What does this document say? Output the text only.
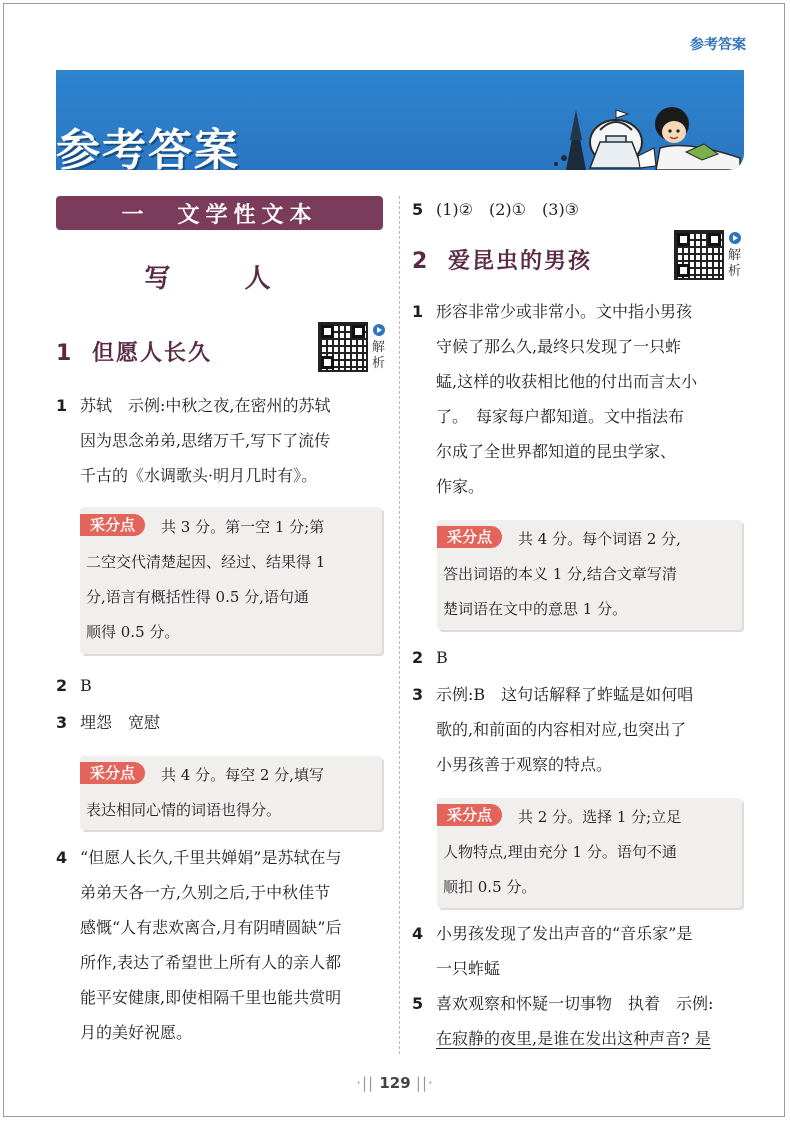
参考答案
参考答案
一　文学性文本
写　人
1 但愿人长久	解
析
1 苏轼　示例:中秋之夜,在密州的苏轼
因为思念弟弟,思绪万千,写下了流传
千古的《水调歌头·明月几时有》。
采分点 共 3 分。第一空 1 分;第
二空交代清楚起因、经过、结果得 1
分,语言有概括性得 0.5 分,语句通
顺得 0.5 分。
2 B
3 埋怨　宽慰
采分点 共 4 分。每空 2 分,填写
表达相同心情的词语也得分。
4 “但愿人长久,千里共婵娟”是苏轼在与
弟弟天各一方,久别之后,于中秋佳节
感慨“人有悲欢离合,月有阴晴圆缺”后
所作,表达了希望世上所有人的亲人都
能平安健康,即使相隔千里也能共赏明
月的美好祝愿。
5 (1)②　(2)①　(3)③
2 爱昆虫的男孩	解
析
1 形容非常少或非常小。文中指小男孩
守候了那么久,最终只发现了一只蚱
蜢,这样的收获相比他的付出而言太小
了。　每家每户都知道。文中指法布
尔成了全世界都知道的昆虫学家、
作家。
采分点 共 4 分。每个词语 2 分,
答出词语的本义 1 分,结合文章写清
楚词语在文中的意思 1 分。
2 B
3 示例:B　这句话解释了蚱蜢是如何唱
歌的,和前面的内容相对应,也突出了
小男孩善于观察的特点。
采分点 共 2 分。选择 1 分;立足
人物特点,理由充分 1 分。语句不通
顺扣 0.5 分。
4 小男孩发现了发出声音的“音乐家”是
一只蚱蜢
5 喜欢观察和怀疑一切事物　执着　示例:
在寂静的夜里,是谁在发出这种声音? 是
·|| 129 ||·
